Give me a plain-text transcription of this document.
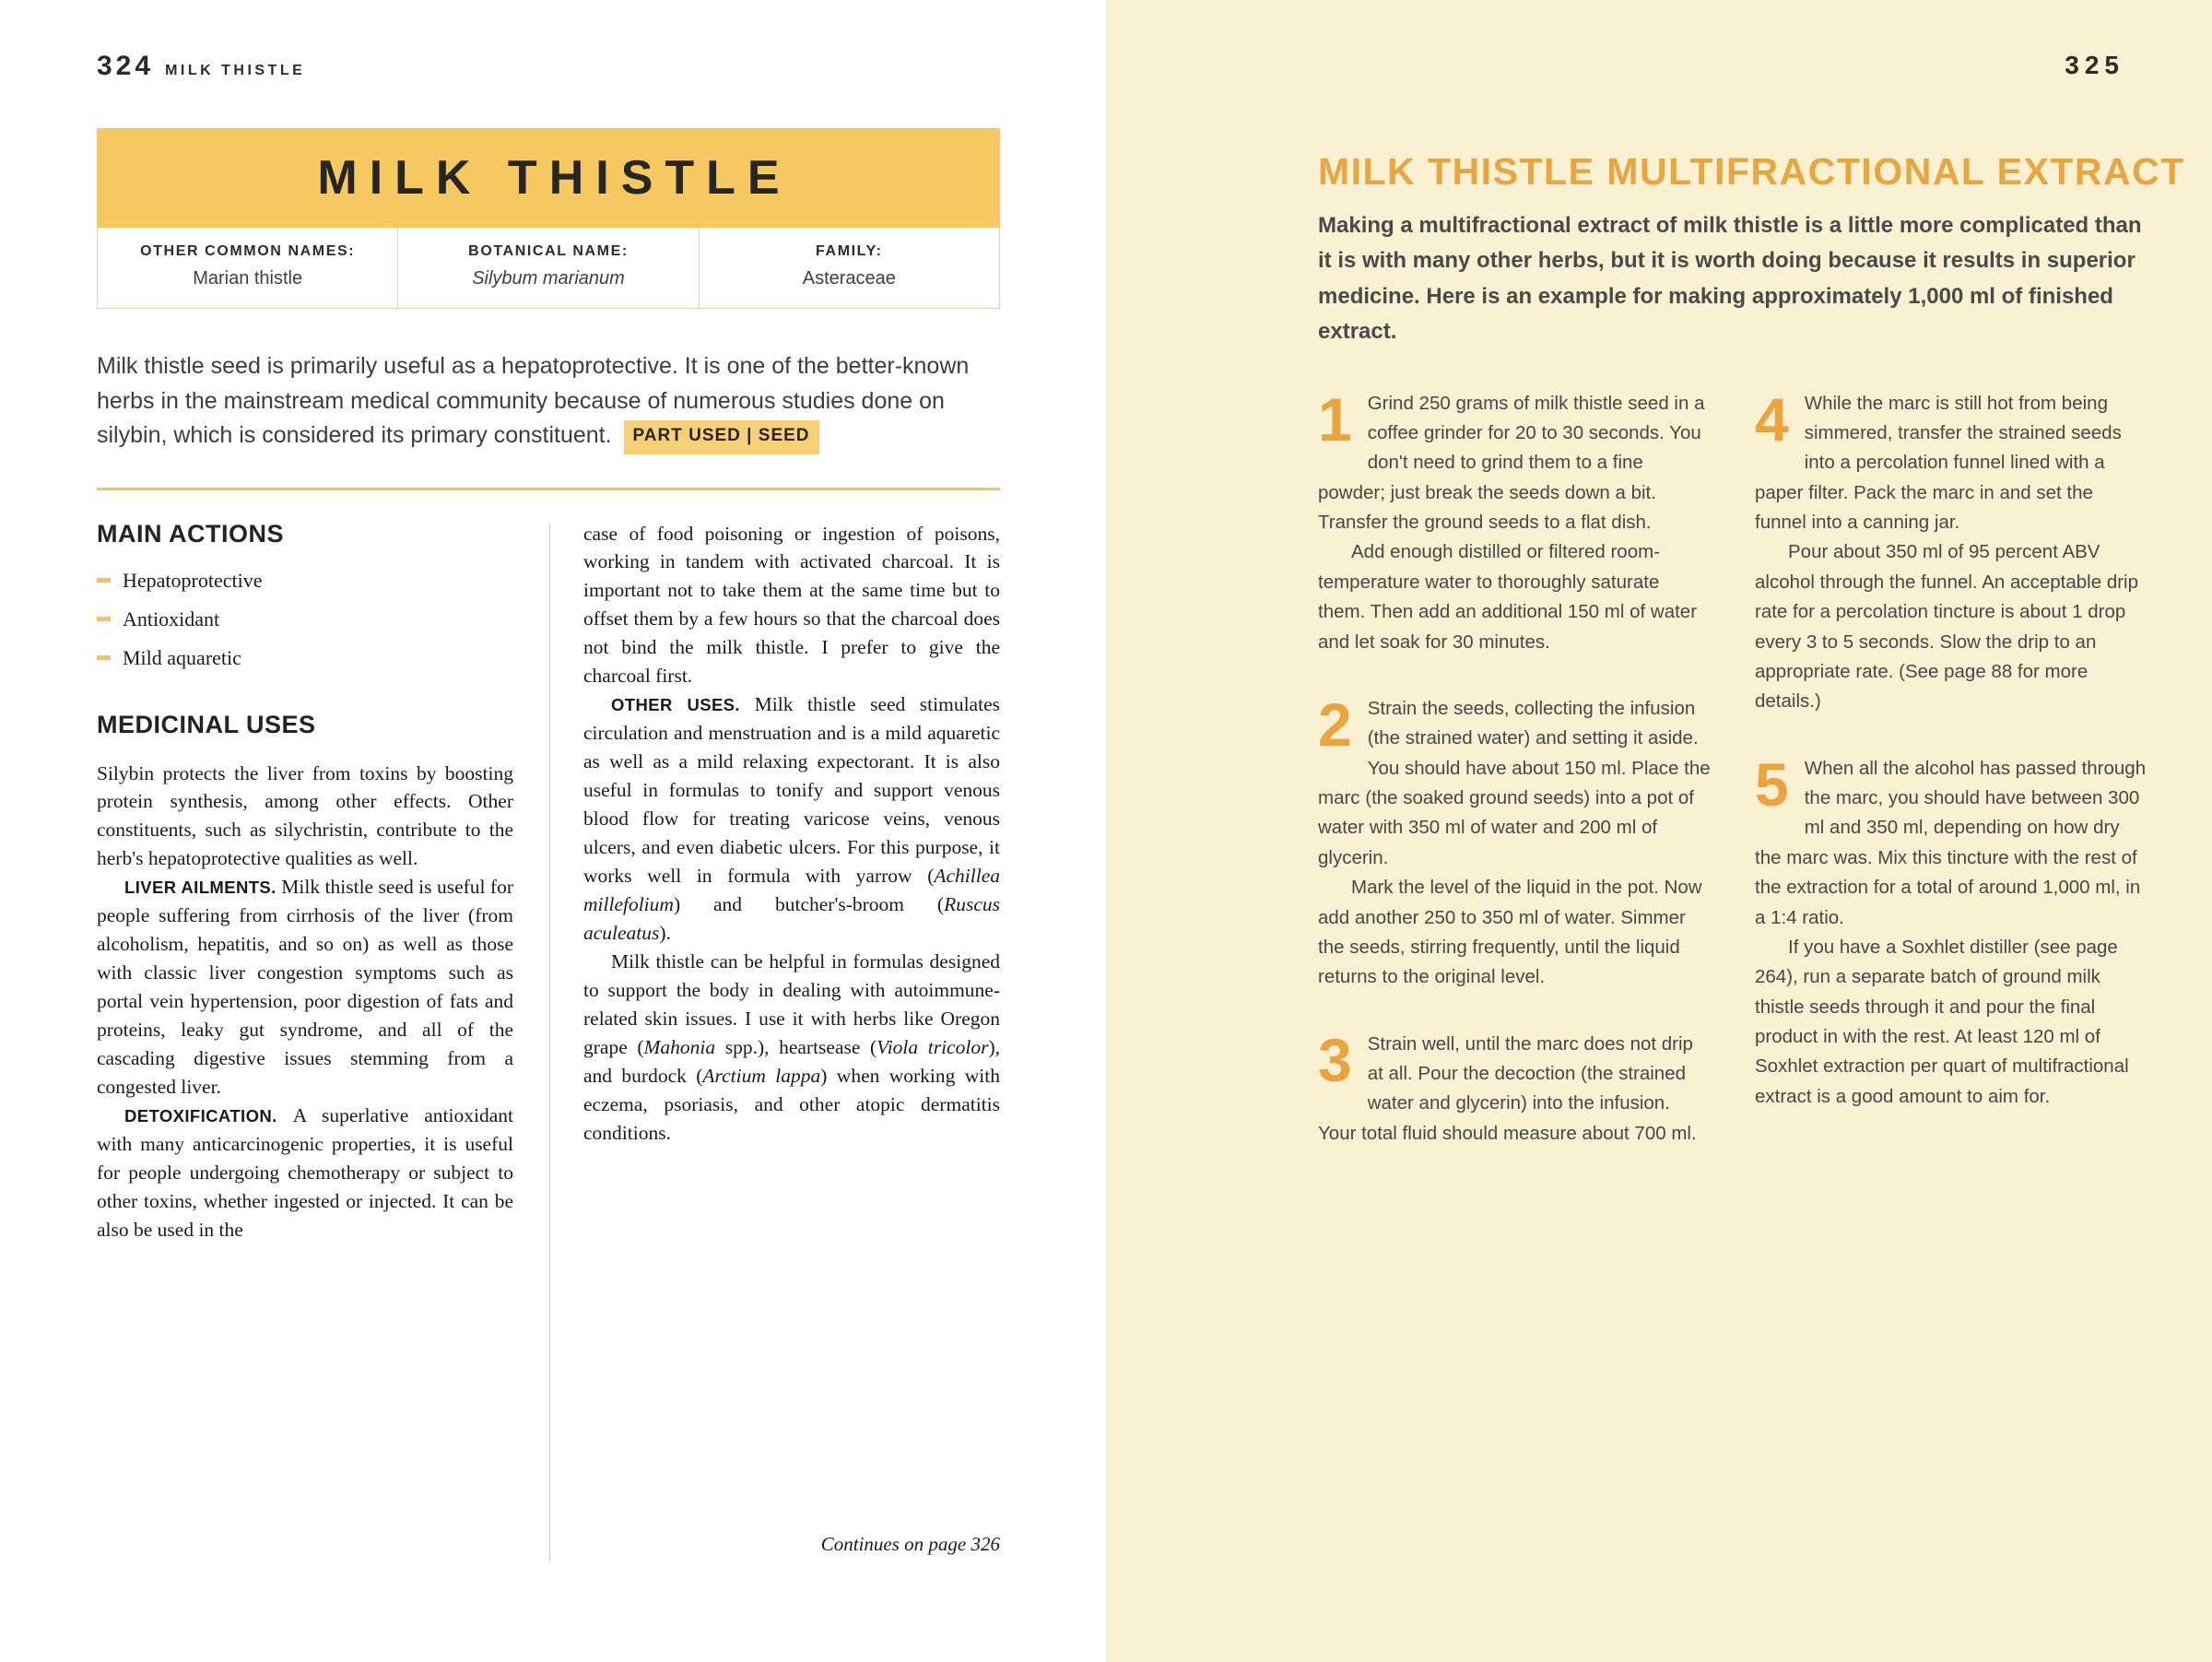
324 MILK THISTLE
MILK THISTLE
OTHER COMMON NAMES:
Marian thistle
BOTANICAL NAME:
Silybum marianum
FAMILY:
Asteraceae

Milk thistle seed is primarily useful as a hepatoprotective. It is one of the better-known herbs in the mainstream medical community because of numerous studies done on silybin, which is considered its primary constituent. PART USED | SEED

MAIN ACTIONS
Hepatoprotective
Antioxidant
Mild aquaretic
MEDICINAL USES

Silybin protects the liver from toxins by boosting protein synthesis, among other effects. Other constituents, such as silychristin, contribute to the herb's hepatoprotective qualities as well.

LIVER AILMENTS. Milk thistle seed is useful for people suffering from cirrhosis of the liver (from alcoholism, hepatitis, and so on) as well as those with classic liver congestion symptoms such as portal vein hypertension, poor digestion of fats and proteins, leaky gut syndrome, and all of the cascading digestive issues stemming from a congested liver.

DETOXIFICATION. A superlative antioxidant with many anticarcinogenic properties, it is useful for people undergoing chemotherapy or subject to other toxins, whether ingested or injected. It can be also be used in the

case of food poisoning or ingestion of poisons, working in tandem with activated charcoal. It is important not to take them at the same time but to offset them by a few hours so that the charcoal does not bind the milk thistle. I prefer to give the charcoal first.

OTHER USES. Milk thistle seed stimulates circulation and menstruation and is a mild aquaretic as well as a mild relaxing expectorant. It is also useful in formulas to tonify and support venous blood flow for treating varicose veins, venous ulcers, and even diabetic ulcers. For this purpose, it works well in formula with yarrow (Achillea millefolium) and butcher's-broom (Ruscus aculeatus).

Milk thistle can be helpful in formulas designed to support the body in dealing with autoimmune-related skin issues. I use it with herbs like Oregon grape (Mahonia spp.), heartsease (Viola tricolor), and burdock (Arctium lappa) when working with eczema, psoriasis, and other atopic dermatitis conditions.

Continues on page 326
325
MILK THISTLE MULTIFRACTIONAL EXTRACT

Making a multifractional extract of milk thistle is a little more complicated than it is with many other herbs, but it is worth doing because it results in superior medicine. Here is an example for making approximately 1,000 ml of finished extract.

1 Grind 250 grams of milk thistle seed in a coffee grinder for 20 to 30 seconds. You don't need to grind them to a fine powder; just break the seeds down a bit. Transfer the ground seeds to a flat dish.

Add enough distilled or filtered room-temperature water to thoroughly saturate them. Then add an additional 150 ml of water and let soak for 30 minutes.

2 Strain the seeds, collecting the infusion (the strained water) and setting it aside. You should have about 150 ml. Place the marc (the soaked ground seeds) into a pot of water with 350 ml of water and 200 ml of glycerin.

Mark the level of the liquid in the pot. Now add another 250 to 350 ml of water. Simmer the seeds, stirring frequently, until the liquid returns to the original level.

3 Strain well, until the marc does not drip at all. Pour the decoction (the strained water and glycerin) into the infusion. Your total fluid should measure about 700 ml.

4 While the marc is still hot from being simmered, transfer the strained seeds into a percolation funnel lined with a paper filter. Pack the marc in and set the funnel into a canning jar.

Pour about 350 ml of 95 percent ABV alcohol through the funnel. An acceptable drip rate for a percolation tincture is about 1 drop every 3 to 5 seconds. Slow the drip to an appropriate rate. (See page 88 for more details.)

5 When all the alcohol has passed through the marc, you should have between 300 ml and 350 ml, depending on how dry the marc was. Mix this tincture with the rest of the extraction for a total of around 1,000 ml, in a 1:4 ratio.

If you have a Soxhlet distiller (see page 264), run a separate batch of ground milk thistle seeds through it and pour the final product in with the rest. At least 120 ml of Soxhlet extraction per quart of multifractional extract is a good amount to aim for.
